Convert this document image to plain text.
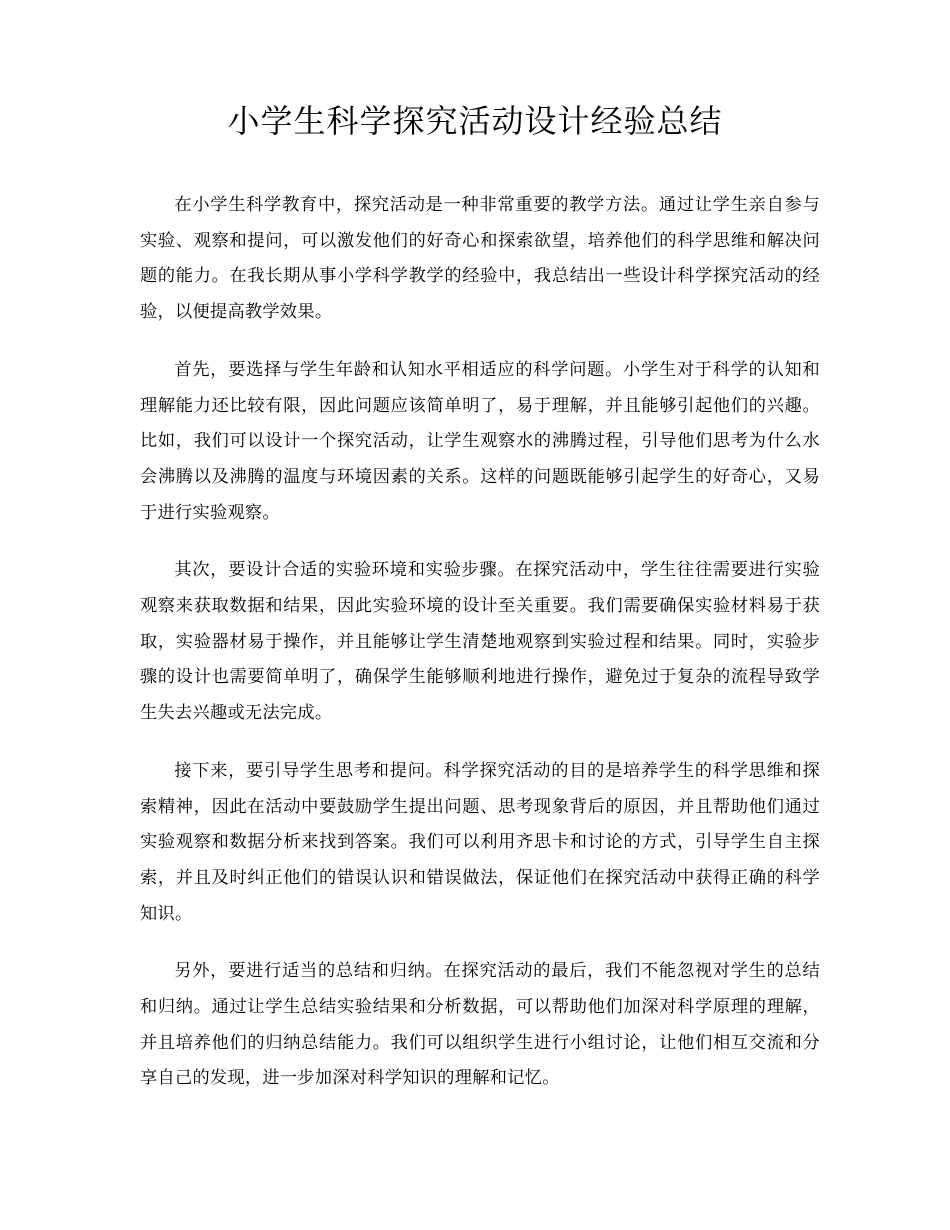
小学生科学探究活动设计经验总结

在小学生科学教育中，探究活动是一种非常重要的教学方法。通过让学生亲自参与实验、观察和提问，可以激发他们的好奇心和探索欲望，培养他们的科学思维和解决问题的能力。在我长期从事小学科学教学的经验中，我总结出一些设计科学探究活动的经验，以便提高教学效果。

首先，要选择与学生年龄和认知水平相适应的科学问题。小学生对于科学的认知和理解能力还比较有限，因此问题应该简单明了，易于理解，并且能够引起他们的兴趣。比如，我们可以设计一个探究活动，让学生观察水的沸腾过程，引导他们思考为什么水会沸腾以及沸腾的温度与环境因素的关系。这样的问题既能够引起学生的好奇心，又易于进行实验观察。

其次，要设计合适的实验环境和实验步骤。在探究活动中，学生往往需要进行实验观察来获取数据和结果，因此实验环境的设计至关重要。我们需要确保实验材料易于获取，实验器材易于操作，并且能够让学生清楚地观察到实验过程和结果。同时，实验步骤的设计也需要简单明了，确保学生能够顺利地进行操作，避免过于复杂的流程导致学生失去兴趣或无法完成。

接下来，要引导学生思考和提问。科学探究活动的目的是培养学生的科学思维和探索精神，因此在活动中要鼓励学生提出问题、思考现象背后的原因，并且帮助他们通过实验观察和数据分析来找到答案。我们可以利用齐思卡和讨论的方式，引导学生自主探索，并且及时纠正他们的错误认识和错误做法，保证他们在探究活动中获得正确的科学知识。

另外，要进行适当的总结和归纳。在探究活动的最后，我们不能忽视对学生的总结和归纳。通过让学生总结实验结果和分析数据，可以帮助他们加深对科学原理的理解，并且培养他们的归纳总结能力。我们可以组织学生进行小组讨论，让他们相互交流和分享自己的发现，进一步加深对科学知识的理解和记忆。
